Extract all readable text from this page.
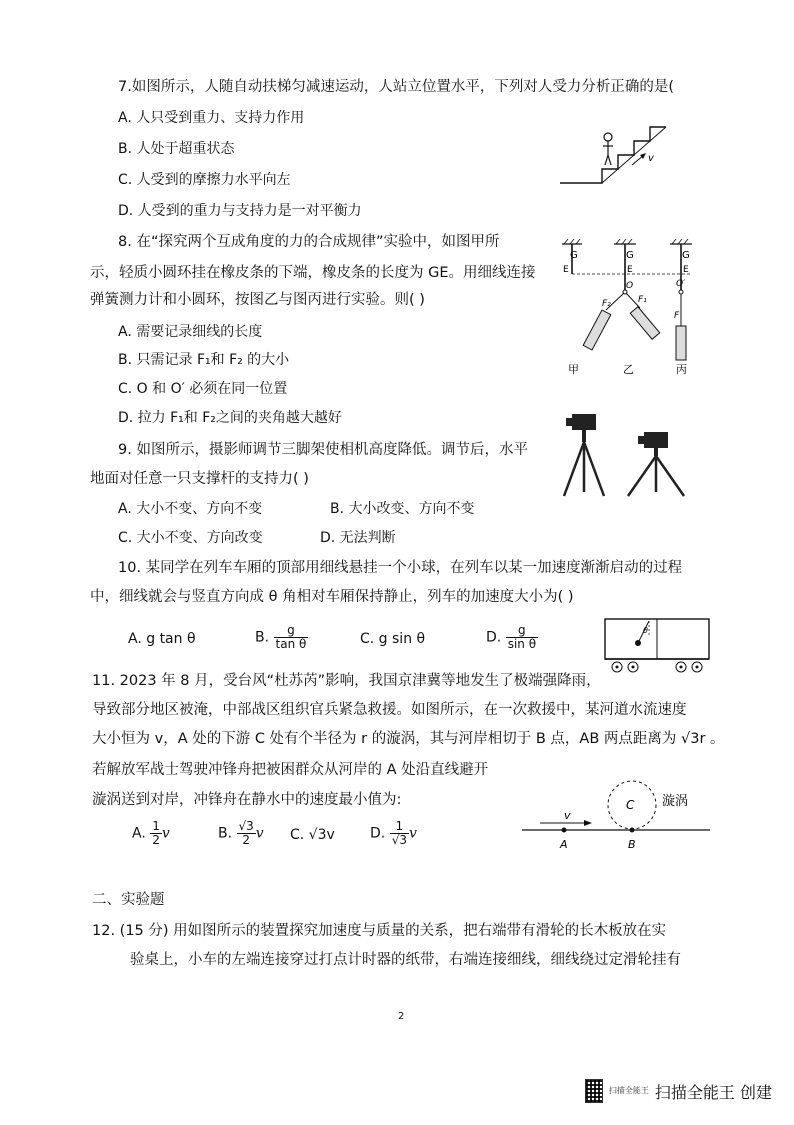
7.如图所示，人随自动扶梯匀减速运动，人站立位置水平，下列对人受力分析正确的是(
A. 人只受到重力、支持力作用
B. 人处于超重状态
C. 人受到的摩擦力水平向左
D. 人受到的重力与支持力是一对平衡力
v
8. 在“探究两个互成角度的力的合成规律”实验中，如图甲所
示，轻质小圆环挂在橡皮条的下端，橡皮条的长度为 GE。用细线连接
弹簧测力计和小圆环，按图乙与图丙进行实验。则( )
A. 需要记录细线的长度
B. 只需记录 F₁和 F₂ 的大小
C. O 和 O′ 必须在同一位置
D. 拉力 F₁和 F₂之间的夹角越大越好
G
E
G
E
G
E
O	O′
F₁
F₂
F
甲	乙	丙
9. 如图所示，摄影师调节三脚架使相机高度降低。调节后，水平
地面对任意一只支撑杆的支持力( )
A. 大小不变、方向不变	B. 大小改变、方向不变
C. 大小不变、方向改变	D. 无法判断
10. 某同学在列车车厢的顶部用细线悬挂一个小球，在列车以某一加速度渐渐启动的过程
中，细线就会与竖直方向成 θ 角相对车厢保持静止，列车的加速度大小为( )
A. g tan θ	B. $\frac{g}{\text{tan θ}}$	C. g sin θ	D. $\frac{g}{\text{sin θ}}$	θ
11. 2023 年 8 月，受台风“杜苏芮”影响，我国京津冀等地发生了极端强降雨，
导致部分地区被淹，中部战区组织官兵紧急救援。如图所示，在一次救援中，某河道水流速度
大小恒为 v，A 处的下游 C 处有个半径为 r 的漩涡，其与河岸相切于 B 点，AB 两点距离为 √3r 。
若解放军战士驾驶冲锋舟把被困群众从河岸的 A 处沿直线避开
漩涡送到对岸，冲锋舟在静水中的速度最小值为:
A. $\frac{1}{2}$ v	B. $\frac{√3}{2}$ v C. √3v	D. $\frac{1}{√3}$ v
v
C 漩涡
A	B
二、实验题
12. (15 分) 用如图所示的装置探究加速度与质量的关系，把右端带有滑轮的长木板放在实
验桌上，小车的左端连接穿过打点计时器的纸带，右端连接细线，细线绕过定滑轮挂有
2
扫描全能王 扫描全能王 创建
